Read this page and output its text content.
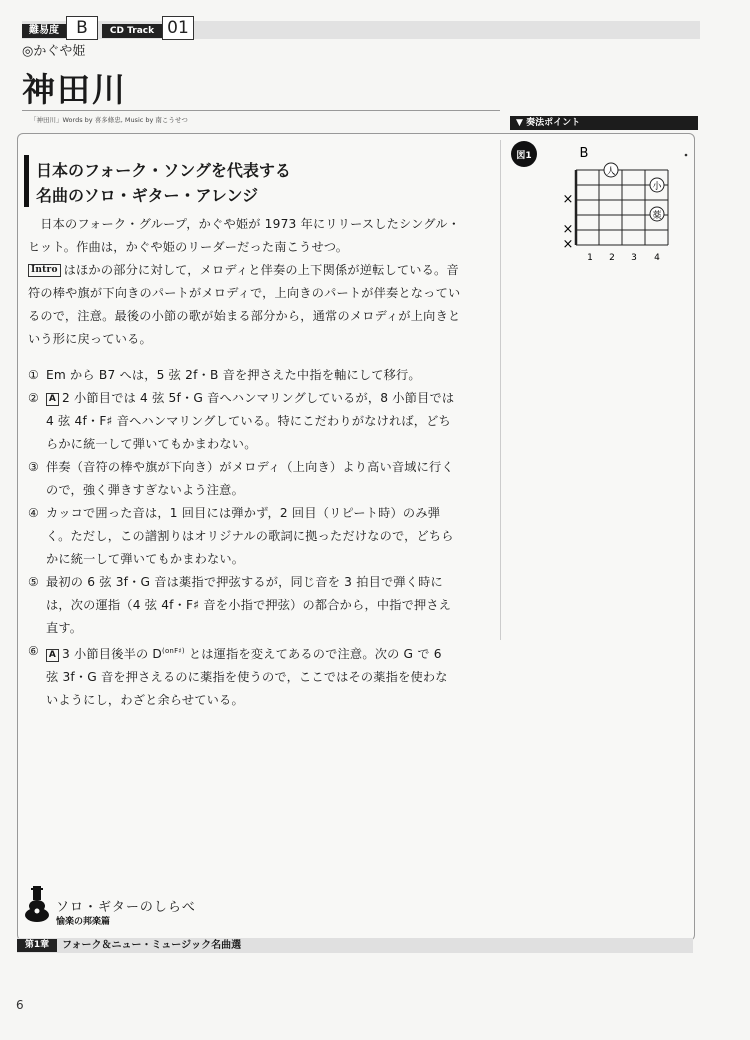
難易度	B	CD Track 01
◎かぐや姫
神田川
「神田川」Words by 喜多條忠, Music by 南こうせつ	▼ 奏法ポイント
図1	B
人
小
薬
×
×
×
1 2 3 4
日本のフォーク・ソングを代表する
名曲のソロ・ギター・アレンジ

日本のフォーク・グループ，かぐや姫が 1973 年にリリースしたシングル・ヒット。作曲は，かぐや姫のリーダーだった南こうせつ。

Intro はほかの部分に対して，メロディと伴奏の上下関係が逆転している。音符の棒や旗が下向きのパートがメロディで，上向きのパートが伴奏となっているので，注意。最後の小節の歌が始まる部分から，通常のメロディが上向きという形に戻っている。

① Em から B7 へは，5 弦 2f・B 音を押さえた中指を軸にして移行。
②	A 2 小節目では 4 弦 5f・G 音へハンマリングしているが，8 小節目では 4 弦 4f・F♯ 音へハンマリングしている。特にこだわりがなければ，どちらかに統一して弾いてもかまわない。
③ 伴奏（音符の棒や旗が下向き）がメロディ（上向き）より高い音域に行くので，強く弾きすぎないよう注意。
④ カッコで囲った音は，1 回目には弾かず，2 回目（リピート時）のみ弾く。ただし，この譜割りはオリジナルの歌詞に拠っただけなので，どちらかに統一して弾いてもかまわない。
⑤ 最初の 6 弦 3f・G 音は薬指で押弦するが，同じ音を 3 拍目で弾く時には，次の運指（4 弦 4f・F♯ 音を小指で押弦）の都合から，中指で押さえ直す。
⑥	A 3 小節目後半の $D^{(onF♯)}$ とは運指を変えてあるので注意。次の G で 6 弦 3f・G 音を押さえるのに薬指を使うので，ここではその薬指を使わないようにし，わざと余らせている。
ソロ・ギターのしらべ
愉楽の邦楽篇
第1章	フォーク＆ニュー・ミュージック名曲選
6
